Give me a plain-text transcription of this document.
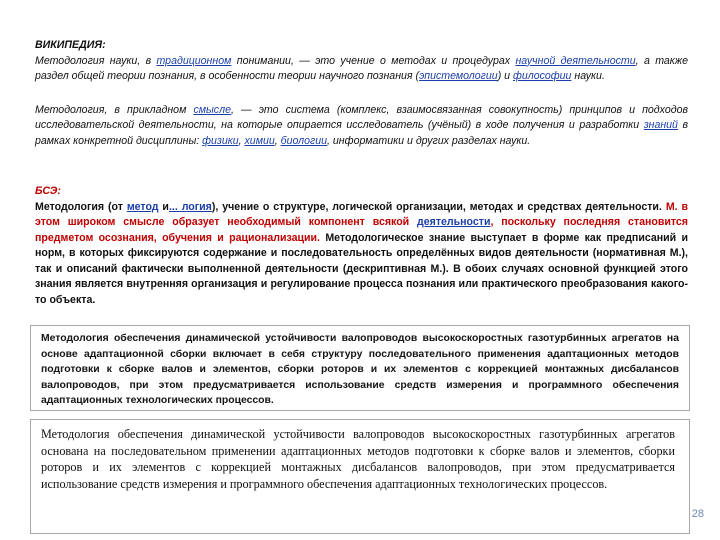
ВИКИПЕДИЯ:

Методология науки, в традиционном понимании, — это учение о методах и процедурах научной деятельности, а также раздел общей теории познания, в особенности теории научного познания (эпистемологии) и философии науки.

Методология, в прикладном смысле, — это система (комплекс, взаимосвязанная совокупность) принципов и подходов исследовательской деятельности, на которые опирается исследователь (учёный) в ходе получения и разработки знаний в рамках конкретной дисциплины: физики, химии, биологии, информатики и других разделах науки.

БСЭ:

Методология (от метод и... логия), учение о структуре, логической организации, методах и средствах деятельности. М. в этом широком смысле образует необходимый компонент всякой деятельности, поскольку последняя становится предметом осознания, обучения и рационализации. Методологическое знание выступает в форме как предписаний и норм, в которых фиксируются содержание и последовательность определённых видов деятельности (нормативная М.), так и описаний фактически выполненной деятельности (дескриптивная М.). В обоих случаях основной функцией этого знания является внутренняя организация и регулирование процесса познания или практического преобразования какого-то объекта.

Методология обеспечения динамической устойчивости валопроводов высокоскоростных газотурбинных агрегатов на основе адаптационной сборки включает в себя структуру последовательного применения адаптационных методов подготовки к сборке валов и элементов, сборки роторов и их элементов с коррекцией монтажных дисбалансов валопроводов, при этом предусматривается использование средств измерения и программного обеспечения адаптационных технологических процессов.

Методология обеспечения динамической устойчивости валопроводов высокоскоростных газотурбинных агрегатов основана на последовательном применении адаптационных методов подготовки к сборке валов и элементов, сборки роторов и их элементов с коррекцией монтажных дисбалансов валопроводов, при этом предусматривается использование средств измерения и программного обеспечения адаптационных технологических процессов.

28
